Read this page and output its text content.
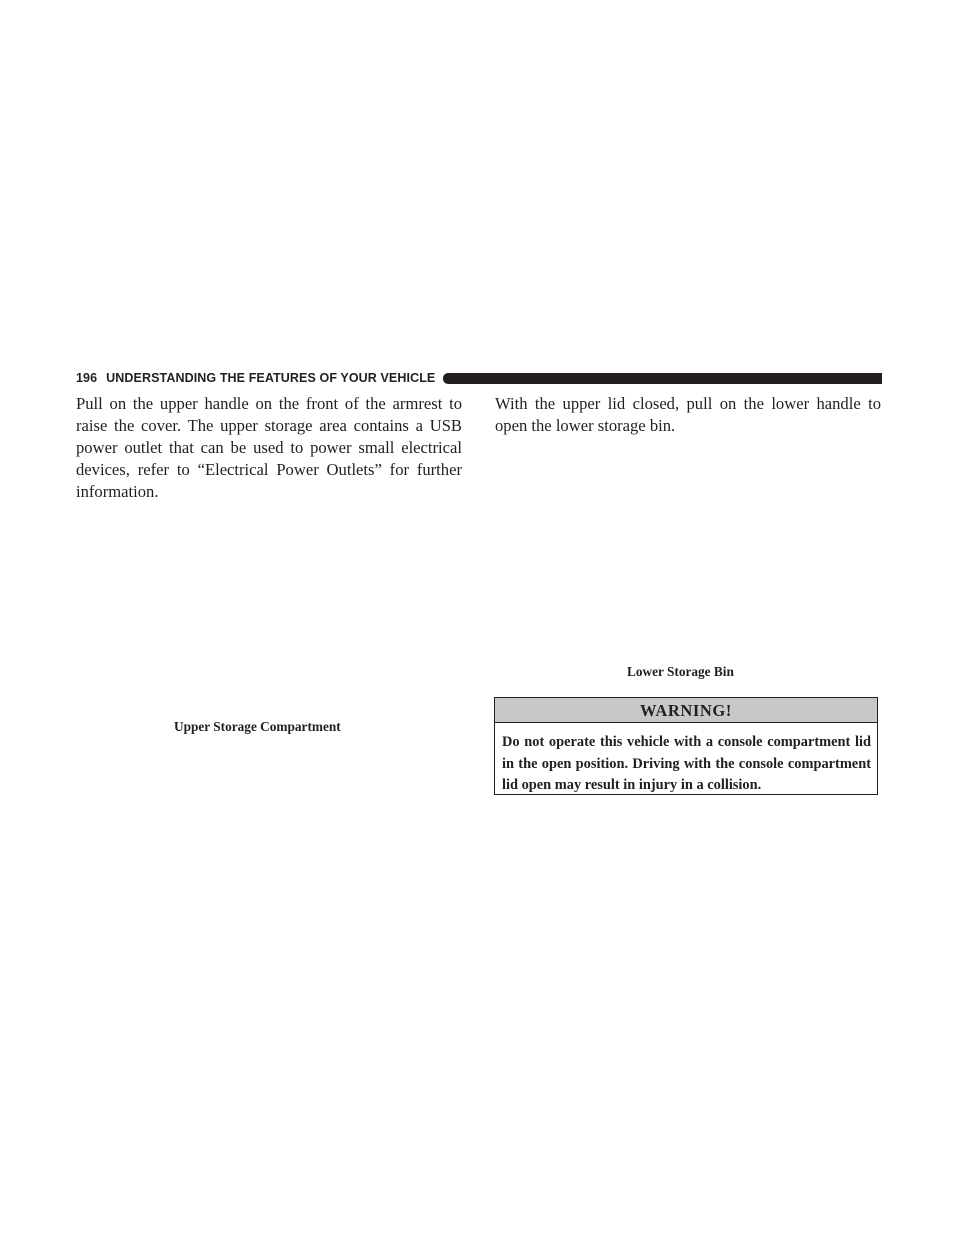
196 UNDERSTANDING THE FEATURES OF YOUR VEHICLE

Pull on the upper handle on the front of the armrest to raise the cover. The upper storage area contains a USB power outlet that can be used to power small electrical devices, refer to “Electrical Power Outlets” for further information.

Upper Storage Compartment

With the upper lid closed, pull on the lower handle to open the lower storage bin.

Lower Storage Bin
WARNING!
Do not operate this vehicle with a console compartment lid in the open position. Driving with the console compartment lid open may result in injury in a collision.
